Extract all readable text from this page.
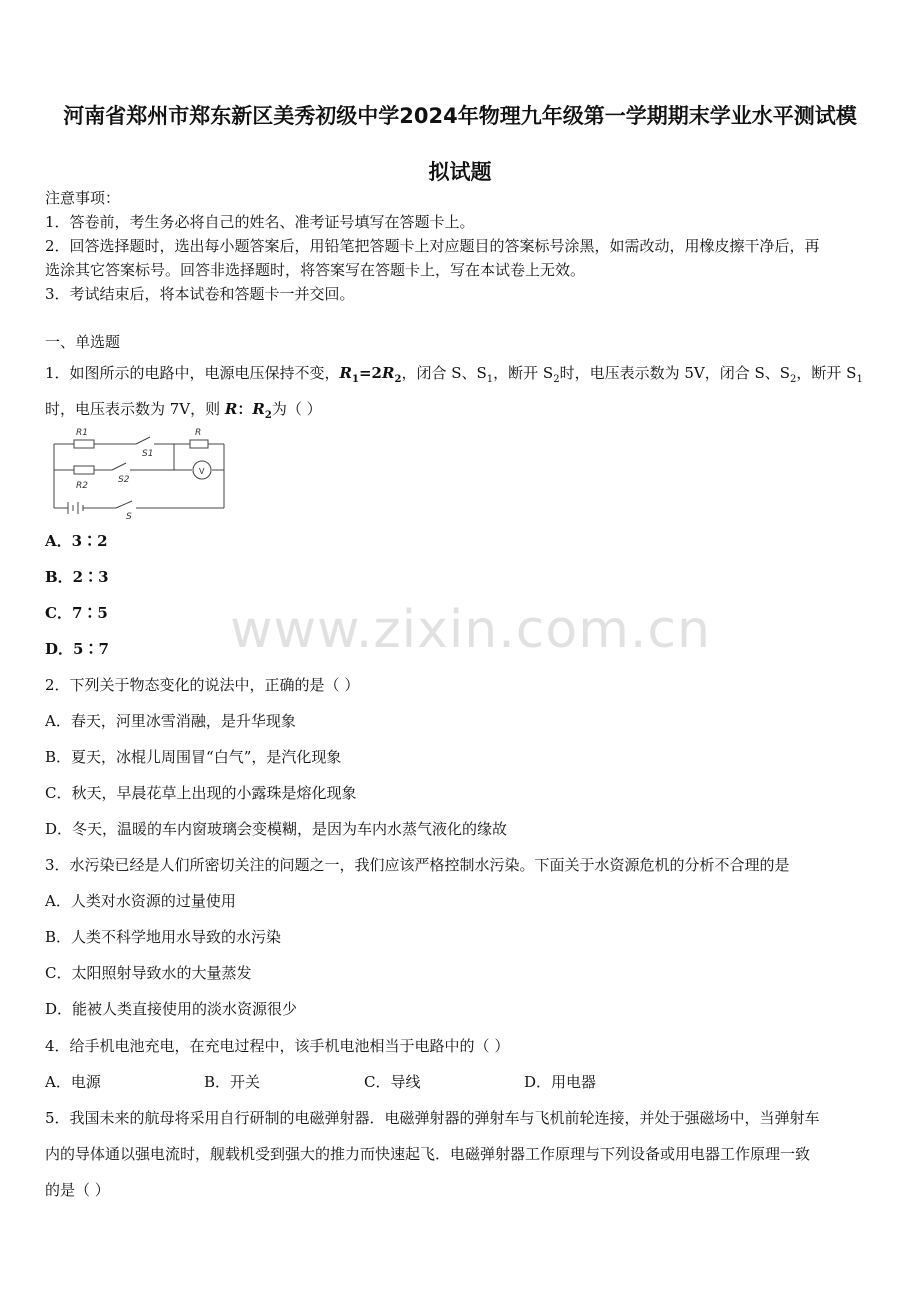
河南省郑州市郑东新区美秀初级中学2024年物理九年级第一学期期末学业水平测试模
拟试题
注意事项：
1．答卷前，考生务必将自己的姓名、准考证号填写在答题卡上。
2．回答选择题时，选出每小题答案后，用铅笔把答题卡上对应题目的答案标号涂黑，如需改动，用橡皮擦干净后，再
选涂其它答案标号。回答非选择题时，将答案写在答题卡上，写在本试卷上无效。
3．考试结束后，将本试卷和答题卡一并交回。
一、单选题
1．如图所示的电路中，电源电压保持不变，$R_1=2R_2$，闭合 S、$S_1$，断开 $S_2$时，电压表示数为 5V，闭合 S、$S_2$，断开 $S_1$
时，电压表示数为 7V，则 R：$R_2$为（ ）
R1	R
S1
R2
S2
S
V
A．3∶2
B．2∶3
C．7∶5
D．5∶7
2．下列关于物态变化的说法中，正确的是（ ）
A．春天，河里冰雪消融，是升华现象
B．夏天，冰棍儿周围冒“白气”，是汽化现象
C．秋天，早晨花草上出现的小露珠是熔化现象
D．冬天，温暖的车内窗玻璃会变模糊，是因为车内水蒸气液化的缘故
3．水污染已经是人们所密切关注的问题之一，我们应该严格控制水污染。下面关于水资源危机的分析不合理的是
A．人类对水资源的过量使用
B．人类不科学地用水导致的水污染
C．太阳照射导致水的大量蒸发
D．能被人类直接使用的淡水资源很少
4．给手机电池充电，在充电过程中，该手机电池相当于电路中的（ ）
A．电源	B．开关	C．导线	D．用电器
5．我国未来的航母将采用自行研制的电磁弹射器．电磁弹射器的弹射车与飞机前轮连接，并处于强磁场中，当弹射车
内的导体通以强电流时，舰载机受到强大的推力而快速起飞．电磁弹射器工作原理与下列设备或用电器工作原理一致
的是（ ）
www.zixin.com.cn
